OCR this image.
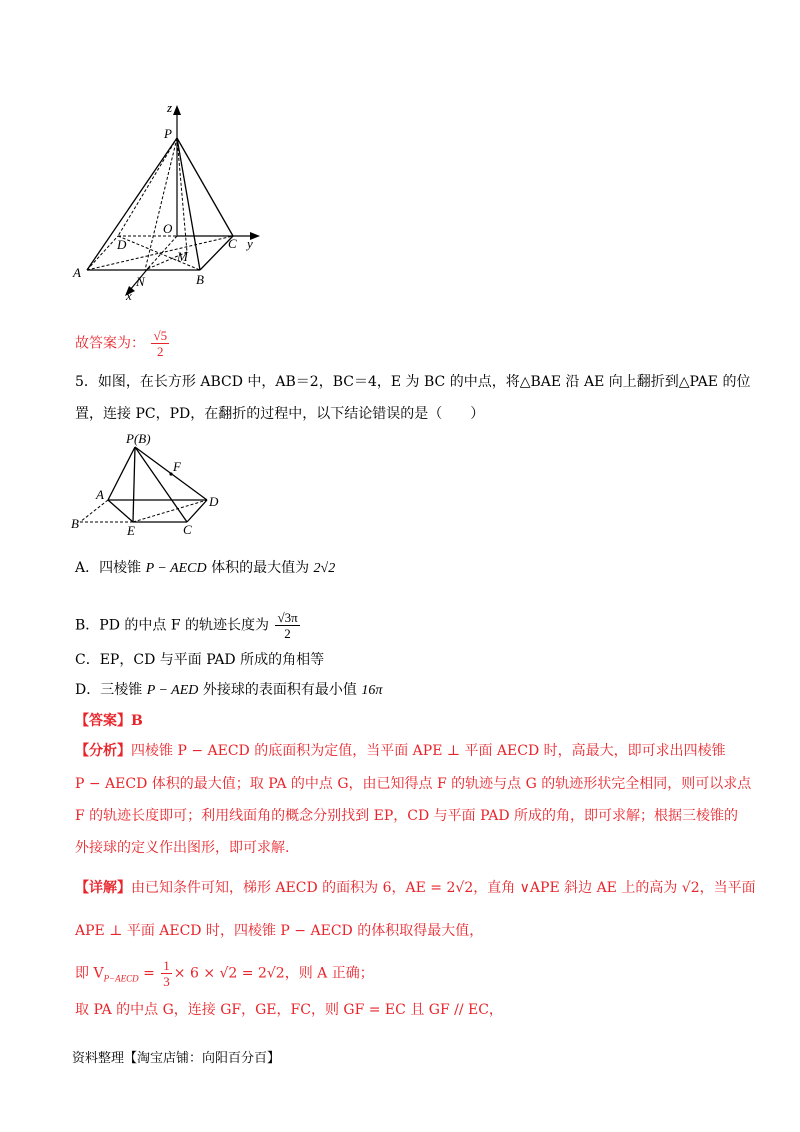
z
P
O
D	C y
M
A
N	B
x
故答案为： $\frac{√5}{2}$
5．如图，在长方形 ABCD 中，AB＝2，BC＝4，E 为 BC 的中点，将△BAE 沿 AE 向上翻折到△PAE 的位
置，连接 PC，PD，在翻折的过程中，以下结论错误的是（　　）
P(B)
F
A	D
B	E	C
A．四棱锥 P − AECD 体积的最大值为 2√2
B．PD 的中点 F 的轨迹长度为 $\frac{√3\pi}{2}$
C．EP，CD 与平面 PAD 所成的角相等
D．三棱锥 P − AED 外接球的表面积有最小值 16π
【答案】B
【分析】四棱锥 P − AECD 的底面积为定值，当平面 APE ⊥ 平面 AECD 时，高最大，即可求出四棱锥
P − AECD 体积的最大值；取 PA 的中点 G，由已知得点 F 的轨迹与点 G 的轨迹形状完全相同，则可以求点
F 的轨迹长度即可；利用线面角的概念分别找到 EP，CD 与平面 PAD 所成的角，即可求解；根据三棱锥的
外接球的定义作出图形，即可求解.
【详解】由已知条件可知，梯形 AECD 的面积为 6，AE = 2√2，直角 ∨APE 斜边 AE 上的高为 √2，当平面
APE ⊥ 平面 AECD 时，四棱锥 P − AECD 的体积取得最大值，
即 $V_{P-AECD} = \frac{1}{3} \times 6 \times √2 = 2√2$，则 A 正确；
取 PA 的中点 G，连接 GF，GE，FC，则 GF = EC 且 GF // EC，
资料整理【淘宝店铺：向阳百分百】
